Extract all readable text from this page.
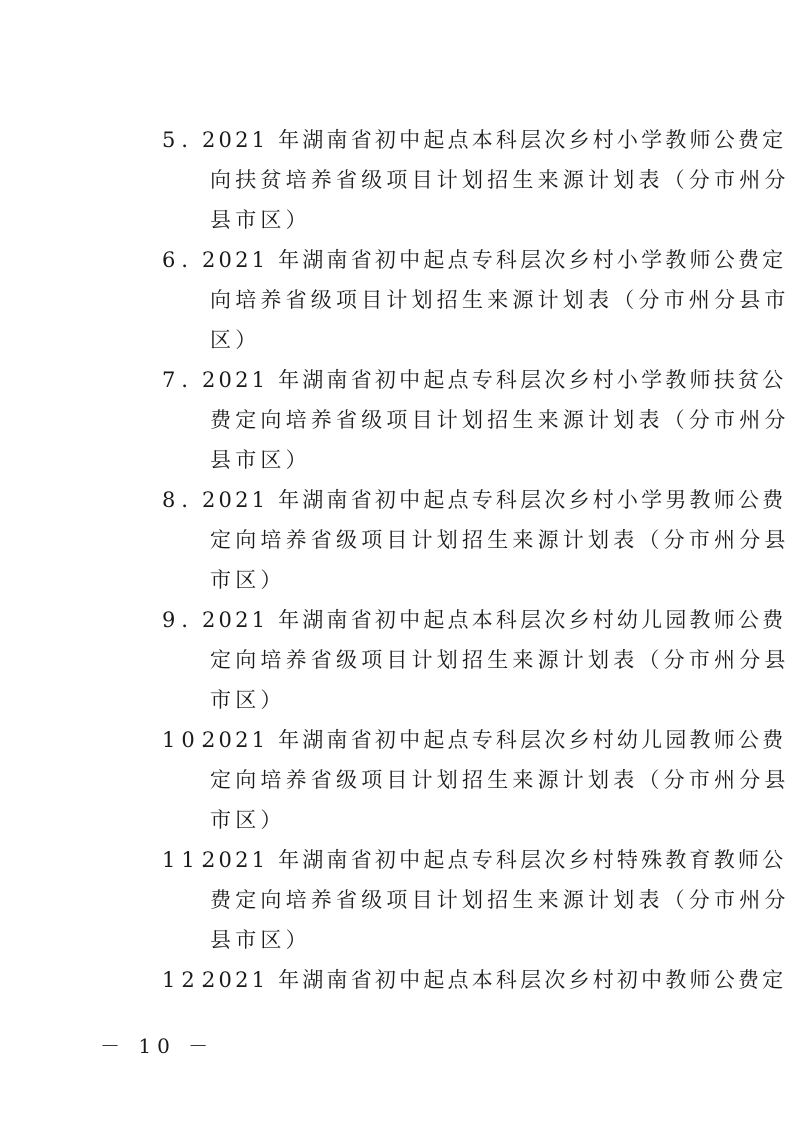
5．
2021 年湖南省初中起点本科层次乡村小学教师公费定
向扶贫培养省级项目计划招生来源计划表（分市州分
县市区）
6．
2021 年湖南省初中起点专科层次乡村小学教师公费定
向培养省级项目计划招生来源计划表（分市州分县市
区）
7．
2021 年湖南省初中起点专科层次乡村小学教师扶贫公
费定向培养省级项目计划招生来源计划表（分市州分
县市区）
8．
2021 年湖南省初中起点专科层次乡村小学男教师公费
定向培养省级项目计划招生来源计划表（分市州分县
市区）
9．
2021 年湖南省初中起点本科层次乡村幼儿园教师公费
定向培养省级项目计划招生来源计划表（分市州分县
市区）
10.
2021 年湖南省初中起点专科层次乡村幼儿园教师公费
定向培养省级项目计划招生来源计划表（分市州分县
市区）
11.
2021 年湖南省初中起点专科层次乡村特殊教育教师公
费定向培养省级项目计划招生来源计划表（分市州分
县市区）
12.
2021 年湖南省初中起点本科层次乡村初中教师公费定
－ 10 －
